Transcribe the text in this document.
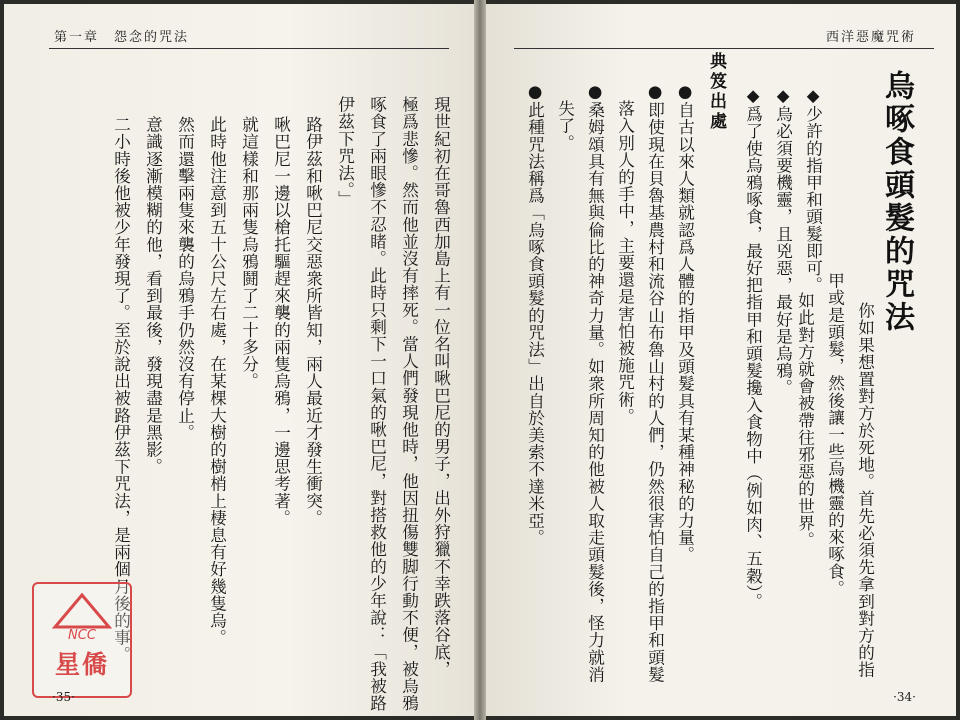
第一章　怨念的咒法
現世紀初在哥魯西加島上有一位名叫啾巴尼的男子，出外狩獵不幸跌落谷底，
極爲悲慘。然而他並沒有摔死。當人們發現他時，他因扭傷雙脚行動不便，被烏鴉
啄食了兩眼慘不忍睹。此時只剩下一口氣的啾巴尼，對搭救他的少年說：「我被路
伊茲下咒法。」
路伊茲和啾巴尼交惡衆所皆知，兩人最近才發生衝突。
啾巴尼一邊以槍托驅趕來襲的兩隻烏鴉，一邊思考著。
就這樣和那兩隻烏鴉鬪了二十多分。
此時他注意到五十公尺左右處，在某棵大樹的樹梢上棲息有好幾隻烏。
然而還擊兩隻來襲的烏鴉手仍然沒有停止。
意識逐漸模糊的他，看到最後，發現盡是黑影。
二小時後他被少年發現了。至於說出被路伊茲下咒法，是兩個月後的事。
NCC
星僑
·35·
西洋惡魔咒術
烏啄食頭髮的咒法
你如果想置對方於死地。首先必須先拿到對方的指
甲或是頭髮，然後讓一些烏機靈的來啄食。
如此對方就會被帶往邪惡的世界。
◆少許的指甲和頭髮即可。
◆烏必須要機靈，且兇惡，最好是烏鴉。
◆爲了使烏鴉啄食，最好把指甲和頭髮攙入食物中（例如肉、五穀）。
典笈出處
●自古以來人類就認爲人體的指甲及頭髮具有某種神秘的力量。
●即使現在貝魯基農村和流谷山布魯山村的人們，仍然很害怕自己的指甲和頭髮
落入別人的手中，主要還是害怕被施咒術。
●桑姆頌具有無與倫比的神奇力量。如衆所周知的他被人取走頭髮後，怪力就消
失了。
●此種咒法稱爲「烏啄食頭髮的咒法」出自於美索不達米亞。
·34·
